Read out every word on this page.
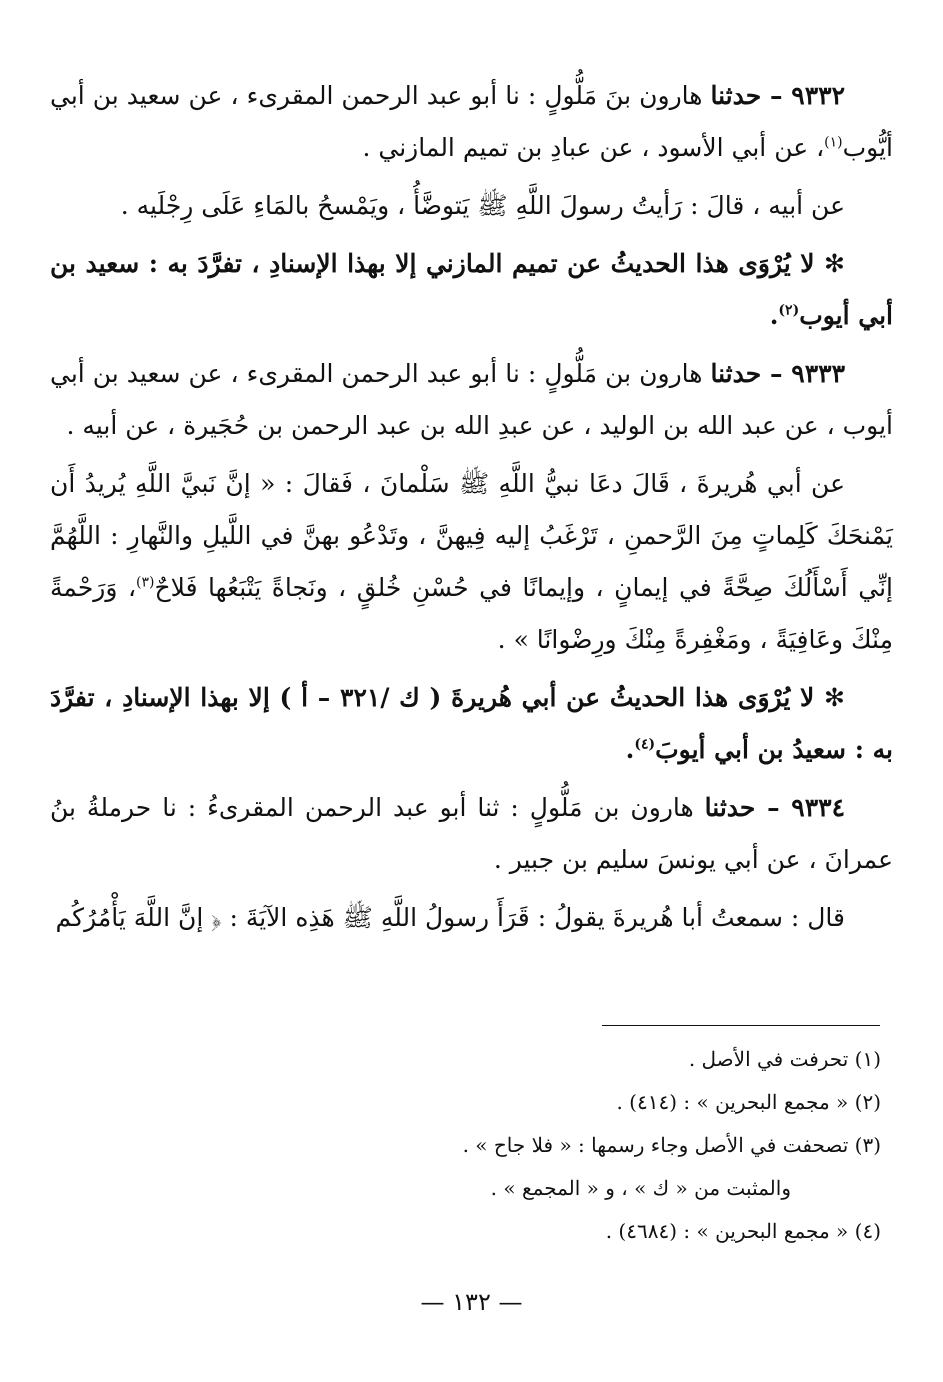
٩٣٣٢ – حدثنا هارون بنَ مَلُّولٍ : نا أبو عبد الرحمن المقرىء ، عن سعيد بن أبي أيُّوب$^{(١)}$، عن أبي الأسود ، عن عبادِ بن تميم المازني .

عن أبيه ، قالَ : رَأيتُ رسولَ اللَّهِ ﷺ يَتوضَّأُ ، ويَمْسحُ بالمَاءِ عَلَى رِجْلَيه .

✻ لا يُرْوَى هذا الحديثُ عن تميم المازني إلا بهذا الإسنادِ ، تفرَّدَ به : سعيد بن أبي أيوب$^{(٢)}$.

٩٣٣٣ – حدثنا هارون بن مَلُّولٍ : نا أبو عبد الرحمن المقرىء ، عن سعيد بن أبي أيوب ، عن عبد الله بن الوليد ، عن عبدِ الله بن عبد الرحمن بن حُجَيرة ، عن أبيه .

عن أبي هُريرةَ ، قَالَ دعَا نبيُّ اللَّهِ ﷺ سَلْمانَ ، فَقالَ : « إنَّ نَبيَّ اللَّهِ يُريدُ أَن يَمْنحَكَ كَلِماتٍ مِنَ الرَّحمنِ ، تَرْغَبُ إليه فِيهنَّ ، وتَدْعُو بهنَّ في اللَّيلِ والنَّهارِ : اللَّهُمَّ إنِّي أَسْأَلُكَ صِحَّةً في إيمانٍ ، وإيمانًا في حُسْنِ خُلقٍ ، ونَجاةً يَتْبَعُها فَلاحٌ$^{(٣)}$، وَرَحْمةً مِنْكَ وعَافِيَةً ، ومَغْفِرةً مِنْكَ ورِضْوانًا » .

✻ لا يُرْوَى هذا الحديثُ عن أبي هُريرةَ ( ك /٣٢١ – أ ) إلا بهذا الإسنادِ ، تفرَّدَ به : سعيدُ بن أبي أيوبَ$^{(٤)}$.

٩٣٣٤ – حدثنا هارون بن مَلُّولٍ : ثنا أبو عبد الرحمن المقرىءُ : نا حرملةُ بنُ عمرانَ ، عن أبي يونسَ سليم بن جبير .

قال : سمعتُ أبا هُريرةَ يقولُ : قَرَأَ رسولُ اللَّهِ ﷺ هَذِه الآيَةَ : ﴿ إنَّ اللَّهَ يَأْمُرُكُم

(١) تحرفت في الأصل .

(٢) « مجمع البحرين » : (٤١٤) .

(٣) تصحفت في الأصل وجاء رسمها : « فلا جاح » .

والمثبت من « ك » ، و « المجمع » .

(٤) « مجمع البحرين » : (٤٦٨٤) .

— ١٣٢ —
